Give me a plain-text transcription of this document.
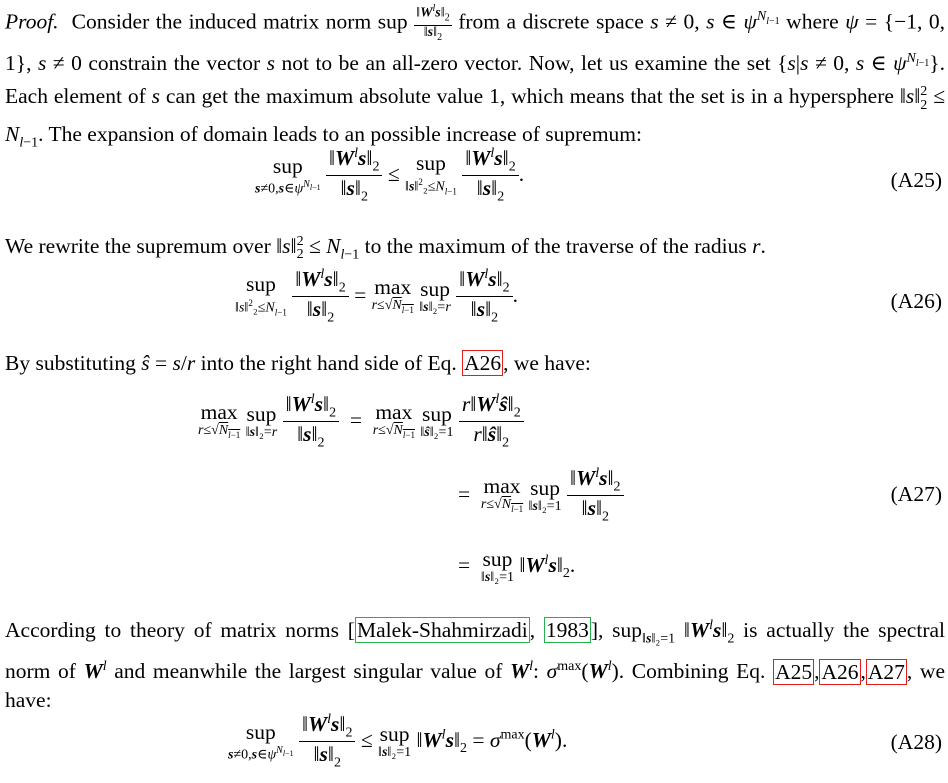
Proof.  Consider the induced matrix norm sup $\frac{‖W^ls‖_2}{‖s‖_2}$ from a discrete space s ≠ 0, s ∈ $\psi^{N_{l-1}}$ where ψ = {−1, 0, 1}, s ≠ 0 constrain the vector s not to be an all-zero vector. Now, let us examine the set {s|s ≠ 0, s ∈ $\psi^{N_{l-1}}$}. Each element of s can get the maximum absolute value 1, which means that the set is in a hypersphere ‖s‖$^2_2$ ≤ $N_{l-1}$. The expansion of domain leads to an possible increase of supremum:
sup
$s\ne 0,s\in\psi^{N_{l-1}}$
$\frac{‖W^ls‖_2}{‖s‖_2}$ ≤ sup
$‖s‖^2_2\le N_{l-1}$
$\frac{‖W^ls‖_2}{‖s‖_2}$ .	(A25)
We rewrite the supremum over ‖s‖$^2_2$ ≤ $N_{l-1}$ to the maximum of the traverse of the radius r.
sup
$‖s‖^2_2\le N_{l-1}$
$\frac{‖W^ls‖_2}{‖s‖_2} = \max$
$r\le√N_{l-1}$

sup
‖s‖₂=r
$\frac{‖W^ls‖_2}{‖s‖_2}$ .	(A26)
By substituting ŝ = s/r into the right hand side of Eq. A26, we have:
max
$r\le√N_{l-1}$

sup
‖s‖₂=r
$\frac{‖W^ls‖_2}{‖s‖_2} = \max$
$r\le√N_{l-1}$

sup
‖ŝ‖₂=1
$\frac{r‖W^lŝ‖_2}{r‖ŝ‖_2}$
= max
$r\le√N_{l-1}$

sup
‖s‖₂=1
$\frac{‖W^ls‖_2}{‖s‖_2}$	(A27)
= sup
‖s‖₂=1
$‖W^ls‖_2$.
According to theory of matrix norms [Malek-Shahmirzadi, 1983], sup$_{‖s‖_2=1}$ $‖W^ls‖_2$ is actually the spectral norm of $W^l$ and meanwhile the largest singular value of $W^l$: $\sigma^{max}(W^l)$. Combining Eq. A25,A26,A27, we have:
sup
$s\ne 0,s\in\psi^{N_{l-1}}$
$\frac{‖W^ls‖_2}{‖s‖_2}$ ≤ sup
‖s‖₂=1
$‖W^ls‖_2 = \sigma^{max}(W^l)$.	(A28)
